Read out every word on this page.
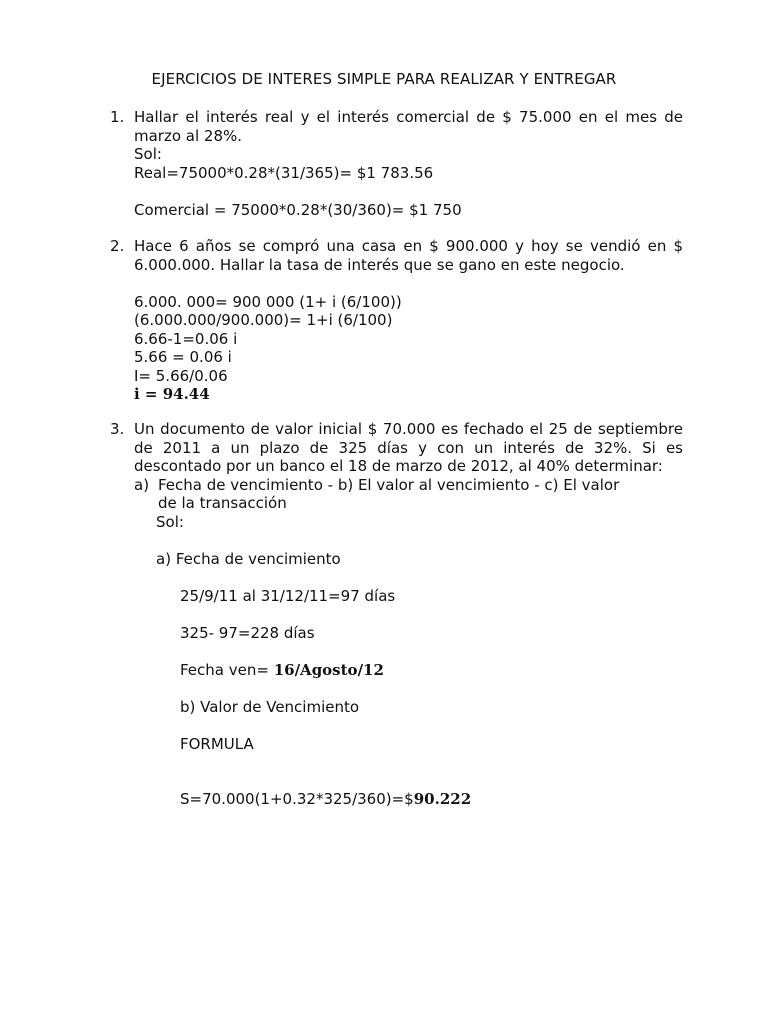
EJERCICIOS DE INTERES SIMPLE PARA REALIZAR Y ENTREGAR
1. Hallar el interés real y el interés comercial de $ 75.000 en el mes de marzo al 28%.
Sol:
Real=75000*0.28*(31/365)= $1 783.56
Comercial = 75000*0.28*(30/360)= $1 750
2. Hace 6 años se compró una casa en $ 900.000 y hoy se vendió en $ 6.000.000. Hallar la tasa de interés que se gano en este negocio.
6.000. 000= 900 000 (1+ i (6/100))
(6.000.000/900.000)= 1+i (6/100)
6.66-1=0.06 i
5.66 = 0.06 i
I= 5.66/0.06
i = 94.44
3. Un documento de valor inicial $ 70.000 es fechado el 25 de septiembre de 2011 a un plazo de 325 días y con un interés de 32%. Si es descontado por un banco el 18 de marzo de 2012, al 40% determinar:
a) Fecha de vencimiento - b) El valor al vencimiento - c) El valor
de la transacción
Sol:
a) Fecha de vencimiento
25/9/11 al 31/12/11=97 días
325- 97=228 días
Fecha ven= 16/Agosto/12
b) Valor de Vencimiento
FORMULA
S=70.000(1+0.32*325/360)=$90.222
